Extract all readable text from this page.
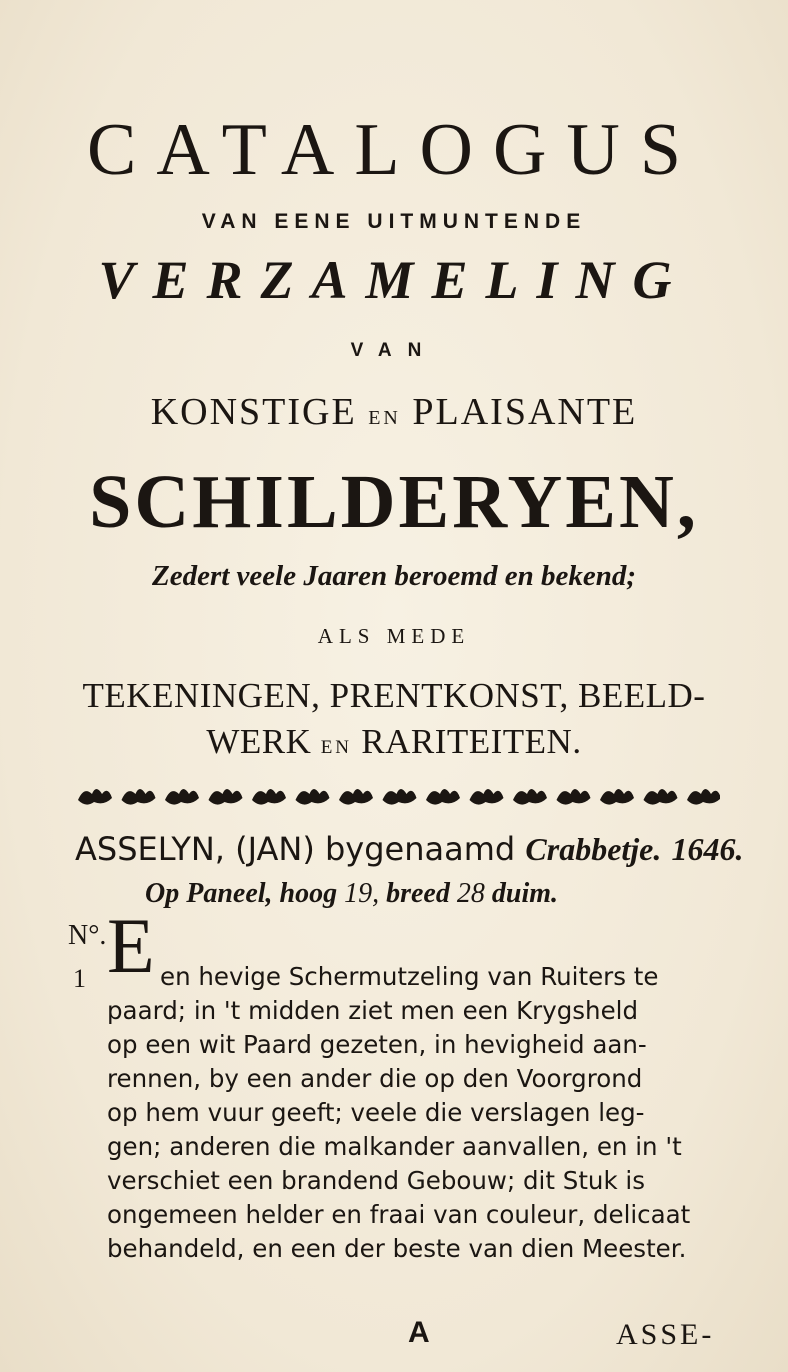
CATALOGUS
VAN EENE UITMUNTENDE
VERZAMELING
VAN
KONSTIGE EN PLAISANTE
SCHILDERYEN,
Zedert veele Jaaren beroemd en bekend;
ALS MEDE
TEKENINGEN, PRENTKONST, BEELD-
WERK EN RARITEITEN.
ASSELYN, (JAN) bygenaamd Crabbetje. 1646.
Op Paneel, hoog 19, breed 28 duim.
N°. E
1	en hevige Schermutzeling van Ruiters te
paard; in 't midden ziet men een Krygsheld
op een wit Paard gezeten, in hevigheid aan-
rennen, by een ander die op den Voorgrond
op hem vuur geeft; veele die verslagen leg-
gen; anderen die malkander aanvallen, en in 't
verschiet een brandend Gebouw; dit Stuk is
ongemeen helder en fraai van couleur, delicaat
behandeld, en een der beste van dien Meester.
A	ASSE-
